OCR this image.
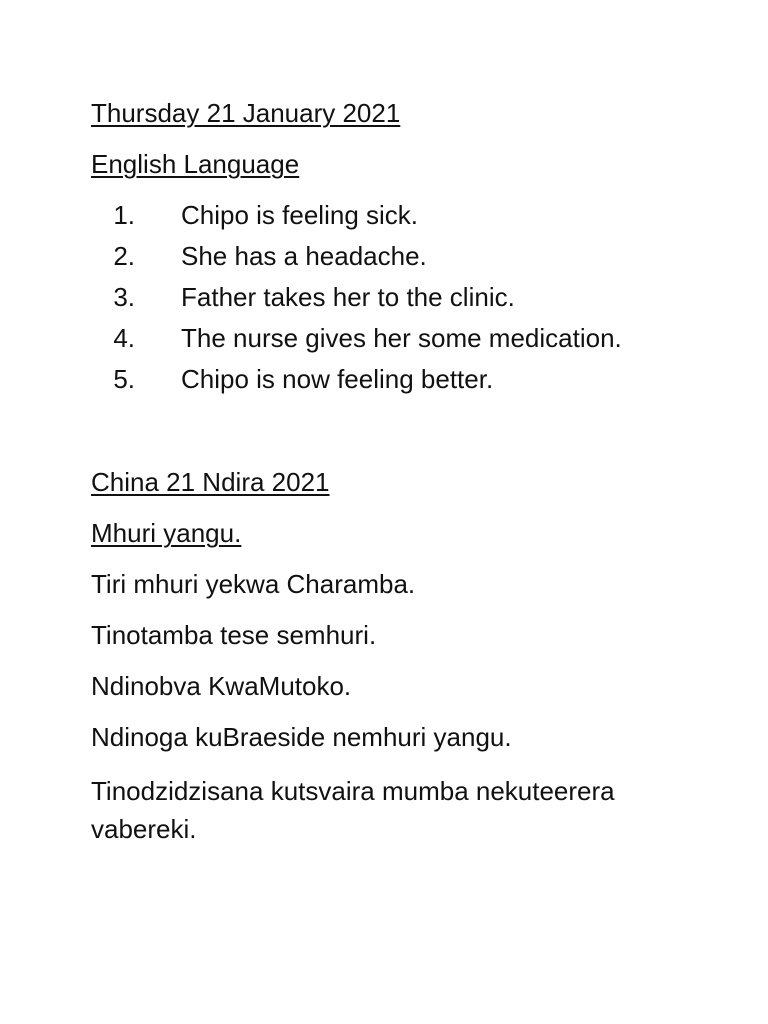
Thursday 21 January 2021
English Language
1. Chipo is feeling sick.
2. She has a headache.
3. Father takes her to the clinic.
4. The nurse gives her some medication.
5. Chipo is now feeling better.
China 21 Ndira 2021
Mhuri yangu.
Tiri mhuri yekwa Charamba.
Tinotamba tese semhuri.
Ndinobva KwaMutoko.
Ndinoga kuBraeside nemhuri yangu.
Tinodzidzisana kutsvaira mumba nekuteerera vabereki.
